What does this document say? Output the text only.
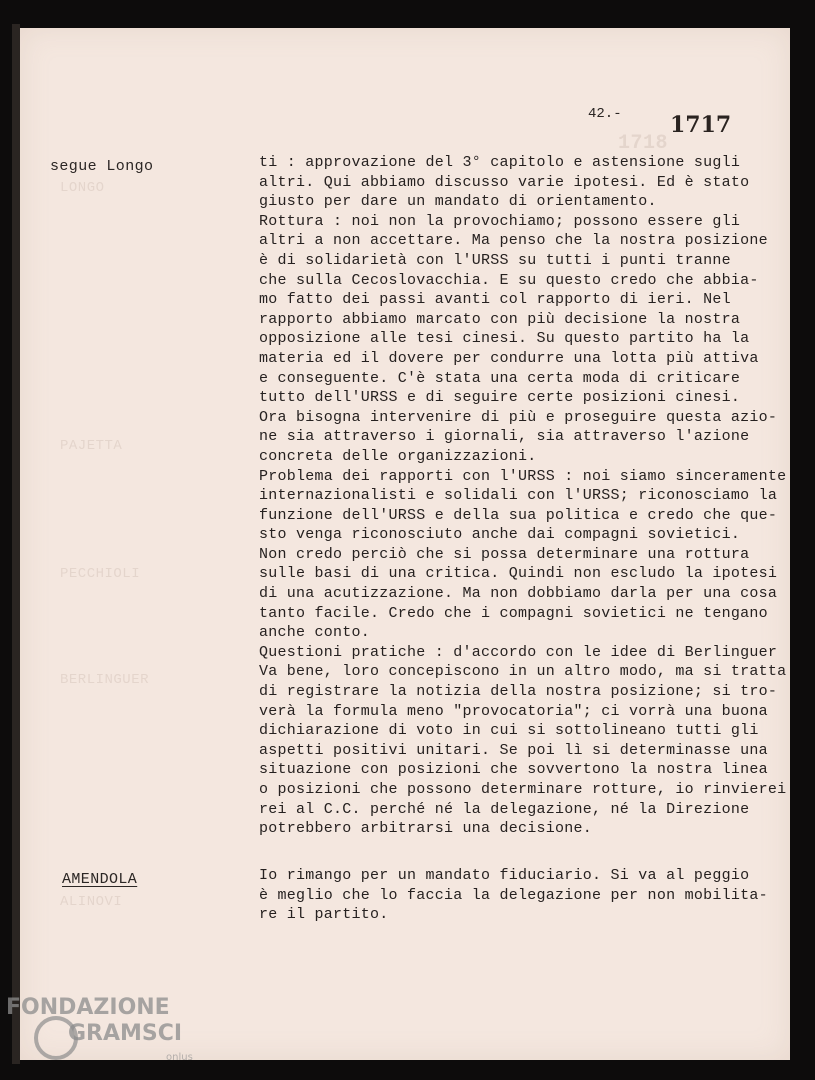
1718
LONGO
PAJETTA
PECCHIOLI
BERLINGUER
ALINOVI
42.- 1717
segue Longo	ti : approvazione del 3° capitolo e astensione sugli
altri. Qui abbiamo discusso varie ipotesi. Ed è stato
giusto per dare un mandato di orientamento.
Rottura : noi non la provochiamo; possono essere gli
altri a non accettare. Ma penso che la nostra posizione
è di solidarietà con l'URSS su tutti i punti tranne
che sulla Cecoslovacchia. E su questo credo che abbia-
mo fatto dei passi avanti col rapporto di ieri. Nel
rapporto abbiamo marcato con più decisione la nostra
opposizione alle tesi cinesi. Su questo partito ha la
materia ed il dovere per condurre una lotta più attiva
e conseguente. C'è stata una certa moda di criticare
tutto dell'URSS e di seguire certe posizioni cinesi.
Ora bisogna intervenire di più e proseguire questa azio-
ne sia attraverso i giornali, sia attraverso l'azione
concreta delle organizzazioni.
Problema dei rapporti con l'URSS : noi siamo sinceramente
internazionalisti e solidali con l'URSS; riconosciamo la
funzione dell'URSS e della sua politica e credo che que-
sto venga riconosciuto anche dai compagni sovietici.
Non credo perciò che si possa determinare una rottura
sulle basi di una critica. Quindi non escludo la ipotesi
di una acutizzazione. Ma non dobbiamo darla per una cosa
tanto facile. Credo che i compagni sovietici ne tengano
anche conto.
Questioni pratiche : d'accordo con le idee di Berlinguer
Va bene, loro concepiscono in un altro modo, ma si tratta
di registrare la notizia della nostra posizione; si tro-
verà la formula meno "provocatoria"; ci vorrà una buona
dichiarazione di voto in cui si sottolineano tutti gli
aspetti positivi unitari. Se poi lì si determinasse una
situazione con posizioni che sovvertono la nostra linea
o posizioni che possono determinare rotture, io rinvierei
rei al C.C. perché né la delegazione, né la Direzione
potrebbero arbitrarsi una decisione.
AMENDOLA	Io rimango per un mandato fiduciario. Si va al peggio
è meglio che lo faccia la delegazione per non mobilita-
re il partito.
FONDAZIONE
GRAMSCI
onlus
